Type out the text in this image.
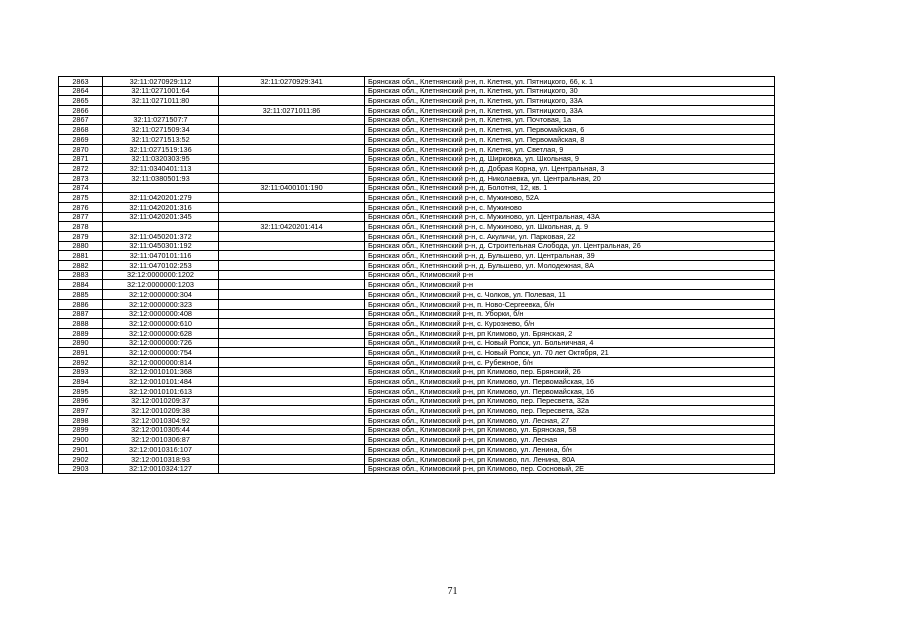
2863	32:11:0270929:112	32:11:0270929:341	Брянская обл., Клетнянский р-н, п. Клетня, ул. Пятницкого, 66, к. 1
2864	32:11:0271001:64		Брянская обл., Клетнянский р-н, п. Клетня, ул. Пятницкого, 30
2865	32:11:0271011:80		Брянская обл., Клетнянский р-н, п. Клетня, ул. Пятницкого, 33А
2866		32:11:0271011:86	Брянская обл., Клетнянский р-н, п. Клетня, ул. Пятницкого, 33А
2867	32:11:0271507:7		Брянская обл., Клетнянский р-н, п. Клетня, ул. Почтовая, 1а
2868	32:11:0271509:34		Брянская обл., Клетнянский р-н, п. Клетня, ул. Первомайская, 6
2869	32:11:0271513:52		Брянская обл., Клетнянский р-н, п. Клетня, ул. Первомайская, 8
2870	32:11:0271519:136		Брянская обл., Клетнянский р-н, п. Клетня, ул. Светлая, 9
2871	32:11:0320303:95		Брянская обл., Клетнянский р-н, д. Ширковка, ул. Школьная, 9
2872	32:11:0340401:113		Брянская обл., Клетнянский р-н, д. Добрая Корна, ул. Центральная, 3
2873	32:11:0380501:93		Брянская обл., Клетнянский р-н, д. Николаевка, ул. Центральная, 20
2874		32:11:0400101:190	Брянская обл., Клетнянский р-н, д. Болотня, 12, кв. 1
2875	32:11:0420201:279		Брянская обл., Клетнянский р-н, с. Мужиново, 52А
2876	32:11:0420201:316		Брянская обл., Клетнянский р-н, с. Мужиново
2877	32:11:0420201:345		Брянская обл., Клетнянский р-н, с. Мужиново, ул. Центральная, 43А
2878		32:11:0420201:414	Брянская обл., Клетнянский р-н, с. Мужиново, ул. Школьная, д. 9
2879	32:11:0450201:372		Брянская обл., Клетнянский р-н, с. Акуличи, ул. Парковая, 22
2880	32:11:0450301:192		Брянская обл., Клетнянский р-н, д. Строительная Слобода, ул. Центральная, 26
2881	32:11:0470101:116		Брянская обл., Клетнянский р-н, д. Бульшево, ул. Центральная, 39
2882	32:11:0470102:253		Брянская обл., Клетнянский р-н, д. Бульшево, ул. Молодежная, 8А
2883	32:12:0000000:1202		Брянская обл., Климовский р-н
2884	32:12:0000000:1203		Брянская обл., Климовский р-н
2885	32:12:0000000:304		Брянская обл., Климовский р-н, с. Чолков, ул. Полевая, 11
2886	32:12:0000000:323		Брянская обл., Климовский р-н, п. Ново-Сергеевка, б/н
2887	32:12:0000000:408		Брянская обл., Климовский р-н, п. Уборки, б/н
2888	32:12:0000000:610		Брянская обл., Климовский р-н, с. Курознево, б/н
2889	32:12:0000000:628		Брянская обл., Климовский р-н, рп Климово, ул. Брянская, 2
2890	32:12:0000000:726		Брянская обл., Климовский р-н, с. Новый Ропск, ул. Больничная, 4
2891	32:12:0000000:754		Брянская обл., Климовский р-н, с. Новый Ропск, ул. 70 лет Октября, 21
2892	32:12:0000000:814		Брянская обл., Климовский р-н, с. Рубежное, б/н
2893	32:12:0010101:368		Брянская обл., Климовский р-н, рп Климово, пер. Брянский, 26
2894	32:12:0010101:484		Брянская обл., Климовский р-н, рп Климово, ул. Первомайская, 16
2895	32:12:0010101:613		Брянская обл., Климовский р-н, рп Климово, ул. Первомайская, 16
2896	32:12:0010209:37		Брянская обл., Климовский р-н, рп Климово, пер. Пересвета, 32а
2897	32:12:0010209:38		Брянская обл., Климовский р-н, рп Климово, пер. Пересвета, 32а
2898	32:12:0010304:92		Брянская обл., Климовский р-н, рп Климово, ул. Лесная, 27
2899	32:12:0010305:44		Брянская обл., Климовский р-н, рп Климово, ул. Брянская, 58
2900	32:12:0010306:87		Брянская обл., Климовский р-н, рп Климово, ул. Лесная
2901	32:12:0010316:107		Брянская обл., Климовский р-н, рп Климово, ул. Ленина, б/н
2902	32:12:0010318:93		Брянская обл., Климовский р-н, рп Климово, пл. Ленина, 80А
2903	32:12:0010324:127		Брянская обл., Климовский р-н, рп Климово, пер. Сосновый, 2Е
71
